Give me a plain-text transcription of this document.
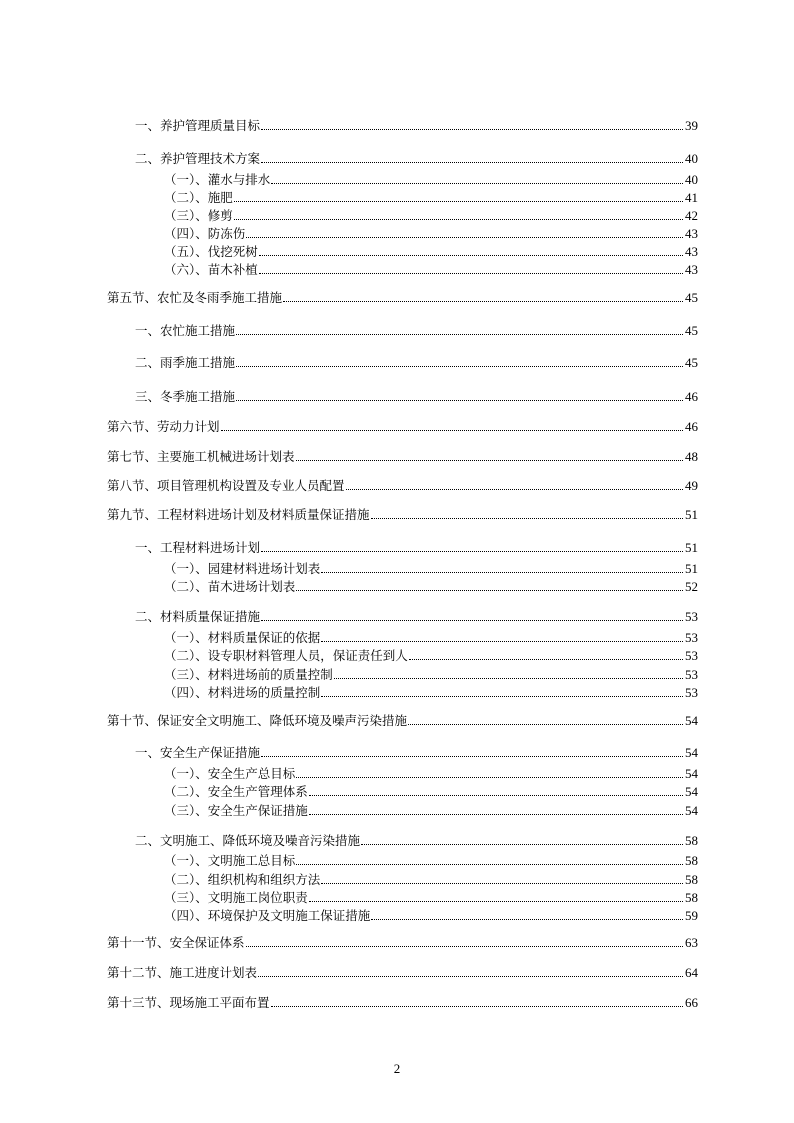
一、养护管理质量目标	39
二、养护管理技术方案	40
（一）、灌水与排水	40
（二）、施肥	41
（三）、修剪	42
（四）、防冻伤	43
（五）、伐挖死树	43
（六）、苗木补植	43
第五节、农忙及冬雨季施工措施	45
一、农忙施工措施	45
二、雨季施工措施	45
三、冬季施工措施	46
第六节、劳动力计划	46
第七节、主要施工机械进场计划表	48
第八节、项目管理机构设置及专业人员配置	49
第九节、工程材料进场计划及材料质量保证措施	51
一、工程材料进场计划	51
（一）、园建材料进场计划表	51
（二）、苗木进场计划表	52
二、材料质量保证措施	53
（一）、材料质量保证的依据	53
（二）、设专职材料管理人员，保证责任到人	53
（三）、材料进场前的质量控制	53
（四）、材料进场的质量控制	53
第十节、保证安全文明施工、降低环境及噪声污染措施	54
一、安全生产保证措施	54
（一）、安全生产总目标	54
（二）、安全生产管理体系	54
（三）、安全生产保证措施	54
二、文明施工、降低环境及噪音污染措施	58
（一）、文明施工总目标	58
（二）、组织机构和组织方法	58
（三）、文明施工岗位职责	58
（四）、环境保护及文明施工保证措施	59
第十一节、安全保证体系	63
第十二节、施工进度计划表	64
第十三节、现场施工平面布置	66
2
